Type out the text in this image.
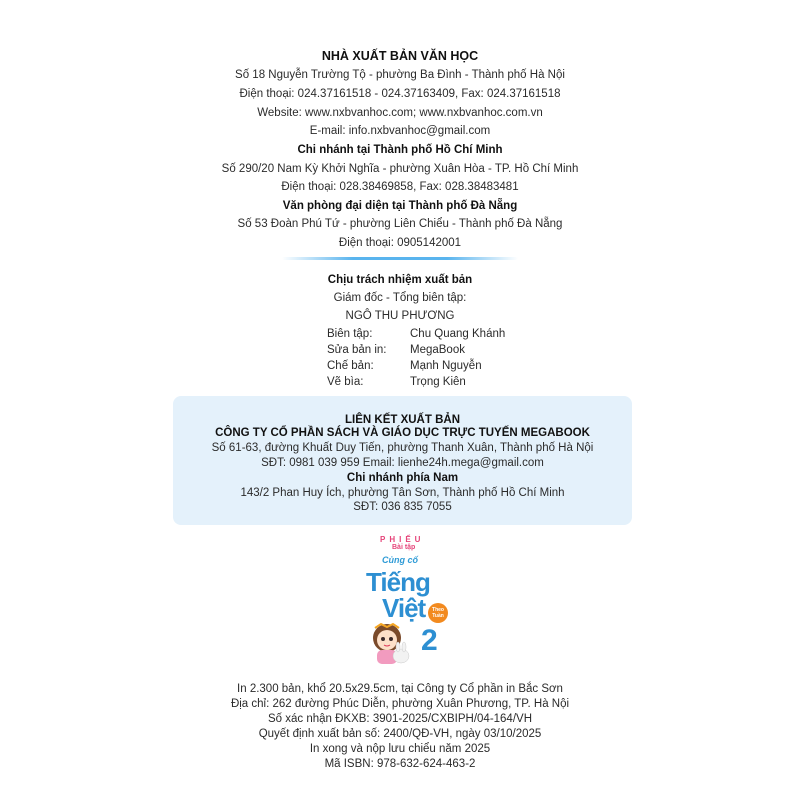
NHÀ XUẤT BẢN VĂN HỌC
Số 18 Nguyễn Trường Tộ - phường Ba Đình - Thành phố Hà Nội
Điện thoại: 024.37161518 - 024.37163409, Fax: 024.37161518
Website: www.nxbvanhoc.com; www.nxbvanhoc.com.vn
E-mail: info.nxbvanhoc@gmail.com
Chi nhánh tại Thành phố Hồ Chí Minh
Số 290/20 Nam Kỳ Khởi Nghĩa - phường Xuân Hòa - TP. Hồ Chí Minh
Điện thoại: 028.38469858, Fax: 028.38483481
Văn phòng đại diện tại Thành phố Đà Nẵng
Số 53 Đoàn Phú Tứ - phường Liên Chiểu - Thành phố Đà Nẵng
Điện thoại: 0905142001
Chịu trách nhiệm xuất bản
Giám đốc - Tổng biên tập:
NGÔ THU PHƯƠNG
Biên tập:	Chu Quang Khánh
Sửa bản in: MegaBook
Chế bản:	Mạnh Nguyễn
Vẽ bìa:	Trọng Kiên
LIÊN KẾT XUẤT BẢN
CÔNG TY CỔ PHẦN SÁCH VÀ GIÁO DỤC TRỰC TUYẾN MEGABOOK
Số 61-63, đường Khuất Duy Tiến, phường Thanh Xuân, Thành phố Hà Nội
SĐT: 0981 039 959 Email: lienhe24h.mega@gmail.com
Chi nhánh phía Nam
143/2 Phan Huy Ích, phường Tân Sơn, Thành phố Hồ Chí Minh
SĐT: 036 835 7055
PHIẾU
Bài tập
Củng cố
Tiếng
Việt	Theo
Tuần
2
In 2.300 bản, khổ 20.5x29.5cm, tại Công ty Cổ phần in Bắc Sơn
Địa chỉ: 262 đường Phúc Diễn, phường Xuân Phương, TP. Hà Nội
Số xác nhận ĐKXB: 3901-2025/CXBIPH/04-164/VH
Quyết định xuất bản số: 2400/QĐ-VH, ngày 03/10/2025
In xong và nộp lưu chiểu năm 2025
Mã ISBN: 978-632-624-463-2
